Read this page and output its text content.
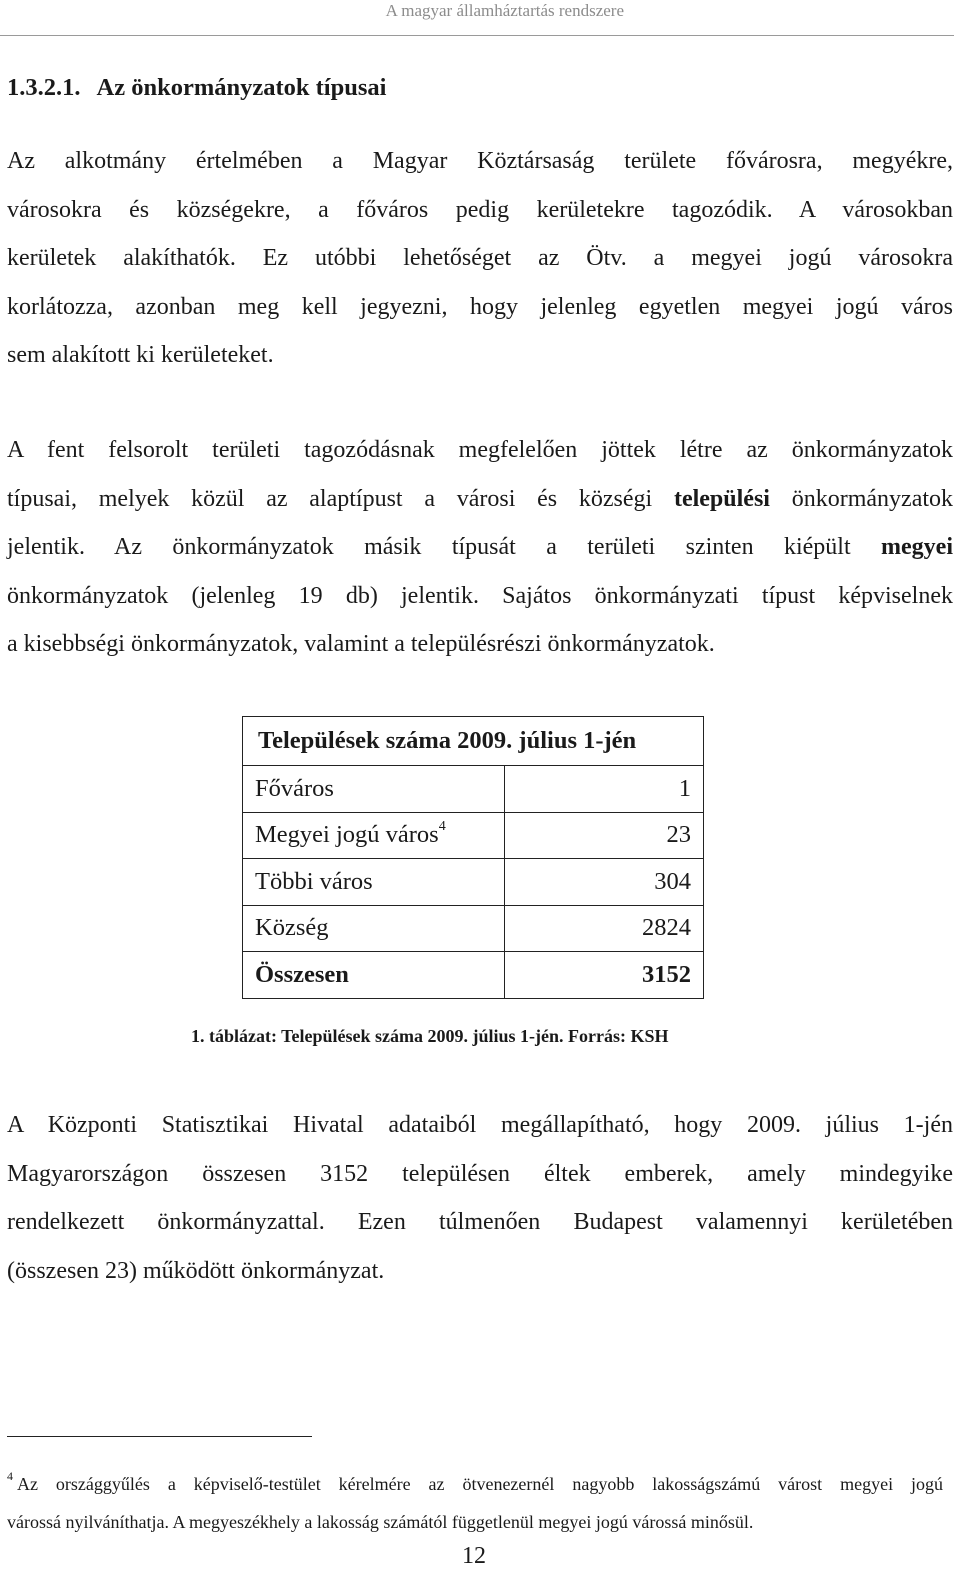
A magyar államháztartás rendszere
1.3.2.1. Az önkormányzatok típusai
Az alkotmány értelmében a Magyar Köztársaság területe fővárosra, megyékre,
városokra és községekre, a főváros pedig kerületekre tagozódik. A városokban
kerületek alakíthatók. Ez utóbbi lehetőséget az Ötv. a megyei jogú városokra
korlátozza, azonban meg kell jegyezni, hogy jelenleg egyetlen megyei jogú város
sem alakított ki kerületeket.
A fent felsorolt területi tagozódásnak megfelelően jöttek létre az önkormányzatok
típusai, melyek közül az alaptípust a városi és községi települési önkormányzatok
jelentik. Az önkormányzatok másik típusát a területi szinten kiépült megyei
önkormányzatok (jelenleg 19 db) jelentik. Sajátos önkormányzati típust képviselnek
a kisebbségi önkormányzatok, valamint a településrészi önkormányzatok.
Települések száma 2009. július 1-jén	
Főváros	1
Megyei jogú város$^4$	23
Többi város	304
Község	2824
Összesen	3152
1. táblázat: Települések száma 2009. július 1-jén. Forrás: KSH
A Központi Statisztikai Hivatal adataiból megállapítható, hogy 2009. július 1-jén
Magyarországon összesen 3152 településen éltek emberek, amely mindegyike
rendelkezett önkormányzattal. Ezen túlmenően Budapest valamennyi kerületében
(összesen 23) működött önkormányzat.
$^4$ Az országgyűlés a képviselő-testület kérelmére az ötvenezernél nagyobb lakosságszámú várost megyei jogú
várossá nyilváníthatja. A megyeszékhely a lakosság számától függetlenül megyei jogú várossá minősül.
12
